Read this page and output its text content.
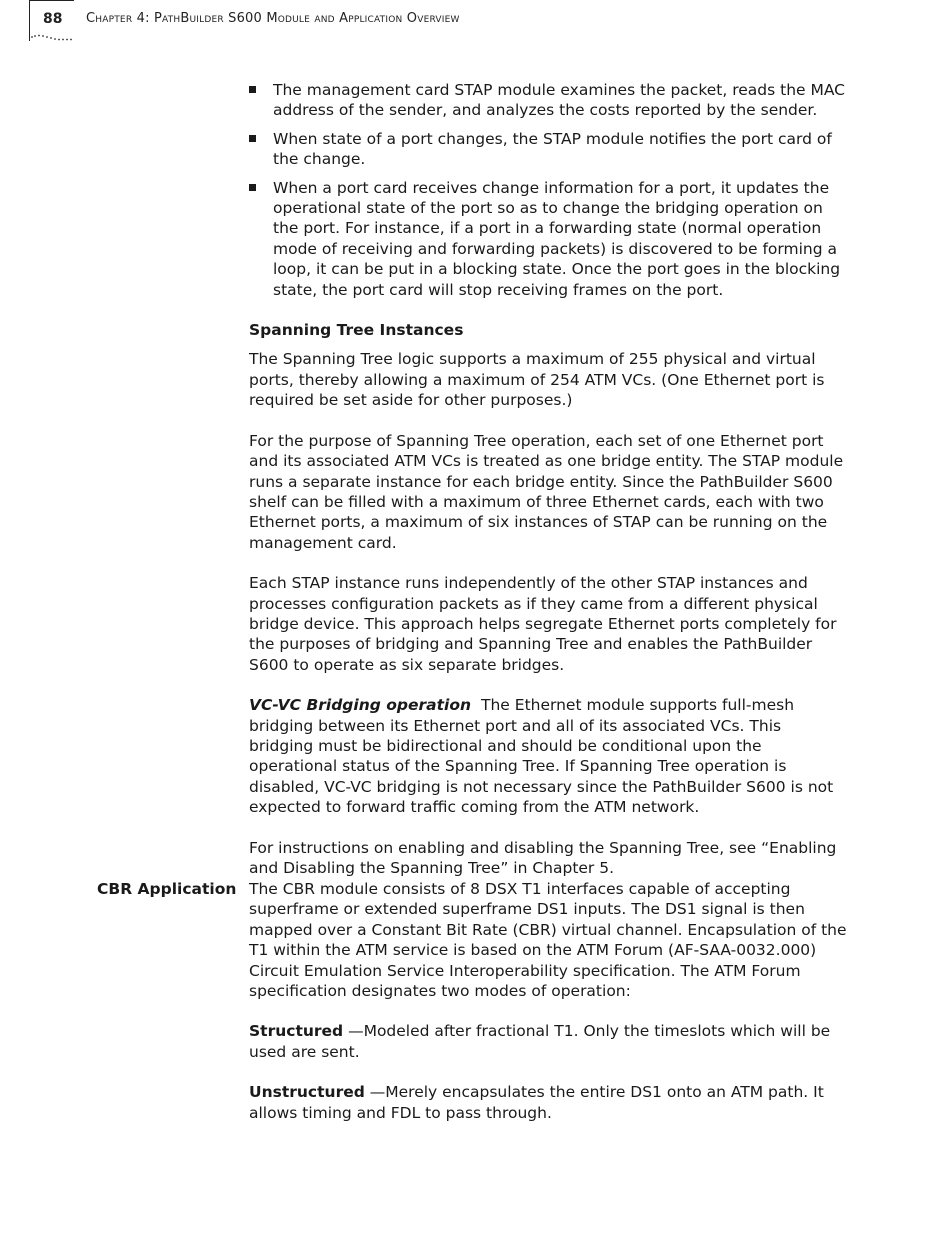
88 Chapter 4: PathBuilder S600 Module and Application Overview
The management card STAP module examines the packet, reads the MAC address of the sender, and analyzes the costs reported by the sender.
When state of a port changes, the STAP module notifies the port card of the change.
When a port card receives change information for a port, it updates the operational state of the port so as to change the bridging operation on the port. For instance, if a port in a forwarding state (normal operation mode of receiving and forwarding packets) is discovered to be forming a loop, it can be put in a blocking state. Once the port goes in the blocking state, the port card will stop receiving frames on the port.
Spanning Tree Instances

The Spanning Tree logic supports a maximum of 255 physical and virtual ports, thereby allowing a maximum of 254 ATM VCs. (One Ethernet port is required be set aside for other purposes.)

For the purpose of Spanning Tree operation, each set of one Ethernet port and its associated ATM VCs is treated as one bridge entity. The STAP module runs a separate instance for each bridge entity. Since the PathBuilder S600 shelf can be filled with a maximum of three Ethernet cards, each with two Ethernet ports, a maximum of six instances of STAP can be running on the management card.

Each STAP instance runs independently of the other STAP instances and processes configuration packets as if they came from a different physical bridge device. This approach helps segregate Ethernet ports completely for the purposes of bridging and Spanning Tree and enables the PathBuilder S600 to operate as six separate bridges.

VC-VC Bridging operation The Ethernet module supports full-mesh bridging between its Ethernet port and all of its associated VCs. This bridging must be bidirectional and should be conditional upon the operational status of the Spanning Tree. If Spanning Tree operation is disabled, VC-VC bridging is not necessary since the PathBuilder S600 is not expected to forward traffic coming from the ATM network.

For instructions on enabling and disabling the Spanning Tree, see “Enabling and Disabling the Spanning Tree” in Chapter 5.

CBR Application The CBR module consists of 8 DSX T1 interfaces capable of accepting superframe or extended superframe DS1 inputs. The DS1 signal is then mapped over a Constant Bit Rate (CBR) virtual channel. Encapsulation of the T1 within the ATM service is based on the ATM Forum (AF-SAA-0032.000) Circuit Emulation Service Interoperability specification. The ATM Forum specification designates two modes of operation:

Structured —Modeled after fractional T1. Only the timeslots which will be used are sent.

Unstructured —Merely encapsulates the entire DS1 onto an ATM path. It allows timing and FDL to pass through.
